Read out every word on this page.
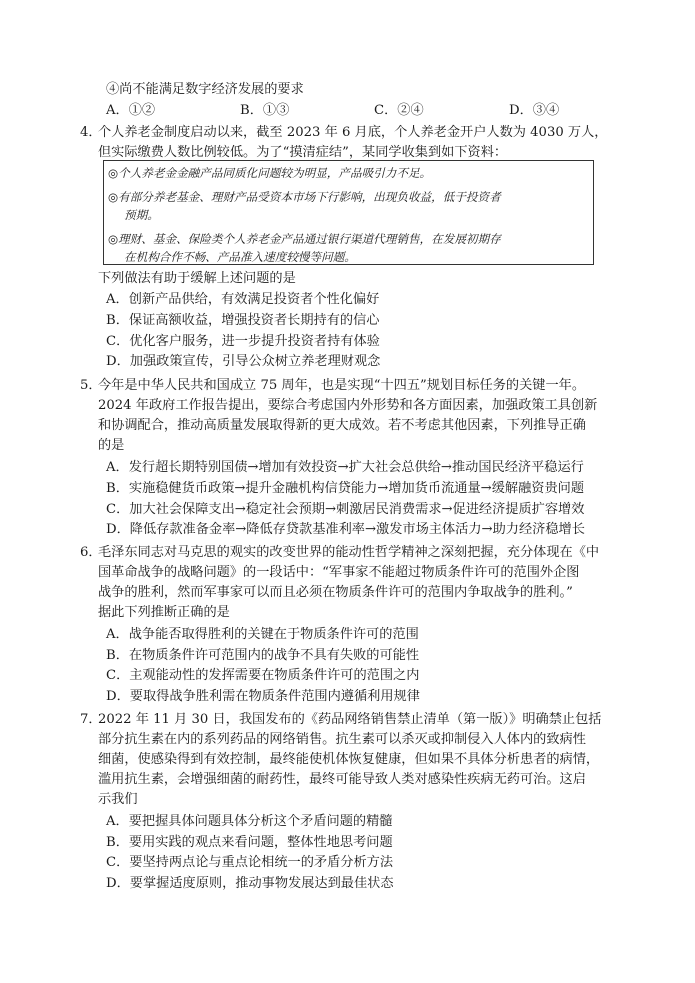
④尚不能满足数字经济发展的要求
A．①②	B．①③	C．②④	D．③④
4．
个人养老金制度启动以来，截至 2023 年 6 月底，个人养老金开户人数为 4030 万人，
但实际缴费人数比例较低。为了“摸清症结”，某同学收集到如下资料：
◎个人养老金金融产品同质化问题较为明显，产品吸引力不足。
◎有部分养老基金、理财产品受资本市场下行影响，出现负收益，低于投资者
预期。
◎理财、基金、保险类个人养老金产品通过银行渠道代理销售，在发展初期存
在机构合作不畅、产品准入速度较慢等问题。
下列做法有助于缓解上述问题的是
A．创新产品供给，有效满足投资者个性化偏好
B．保证高额收益，增强投资者长期持有的信心
C．优化客户服务，进一步提升投资者持有体验
D．加强政策宣传，引导公众树立养老理财观念
5．
今年是中华人民共和国成立 75 周年，也是实现“十四五”规划目标任务的关键一年。
2024 年政府工作报告提出，要综合考虑国内外形势和各方面因素，加强政策工具创新
和协调配合，推动高质量发展取得新的更大成效。若不考虑其他因素，下列推导正确
的是
A．发行超长期特别国债→增加有效投资→扩大社会总供给→推动国民经济平稳运行
B．实施稳健货币政策→提升金融机构信贷能力→增加货币流通量→缓解融资贵问题
C．加大社会保障支出→稳定社会预期→刺激居民消费需求→促进经济提质扩容增效
D．降低存款准备金率→降低存贷款基准利率→激发市场主体活力→助力经济稳增长
6．
毛泽东同志对马克思的观实的改变世界的能动性哲学精神之深刻把握，充分体现在《中
国革命战争的战略问题》的一段话中：“军事家不能超过物质条件许可的范围外企图
战争的胜利，然而军事家可以而且必须在物质条件许可的范围内争取战争的胜利。”
据此下列推断正确的是
A．战争能否取得胜利的关键在于物质条件许可的范围
B．在物质条件许可范围内的战争不具有失败的可能性
C．主观能动性的发挥需要在物质条件许可的范围之内
D．要取得战争胜利需在物质条件范围内遵循利用规律
7．
2022 年 11 月 30 日，我国发布的《药品网络销售禁止清单（第一版）》明确禁止包括
部分抗生素在内的系列药品的网络销售。抗生素可以杀灭或抑制侵入人体内的致病性
细菌，使感染得到有效控制，最终能使机体恢复健康，但如果不具体分析患者的病情，
滥用抗生素，会增强细菌的耐药性，最终可能导致人类对感染性疾病无药可治。这启
示我们
A．要把握具体问题具体分析这个矛盾问题的精髓
B．要用实践的观点来看问题，整体性地思考问题
C．要坚持两点论与重点论相统一的矛盾分析方法
D．要掌握适度原则，推动事物发展达到最佳状态
